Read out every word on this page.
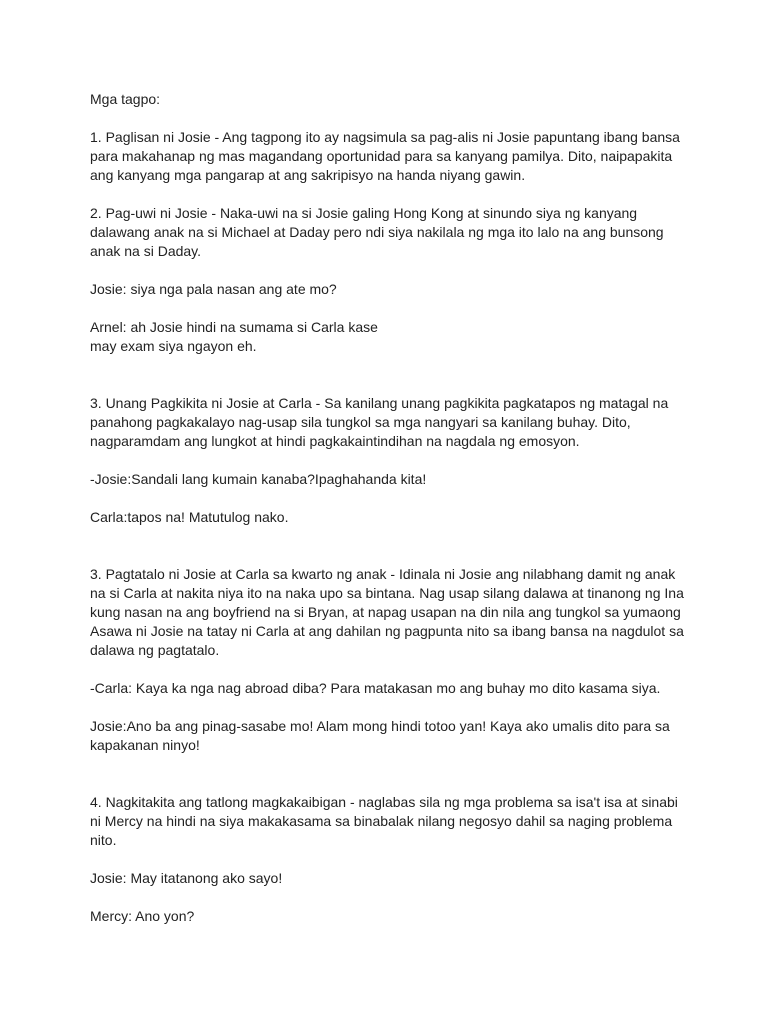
Mga tagpo:

1. Paglisan ni Josie - Ang tagpong ito ay nagsimula sa pag-alis ni Josie papuntang ibang bansa

para makahanap ng mas magandang oportunidad para sa kanyang pamilya. Dito, naipapakita

ang kanyang mga pangarap at ang sakripisyo na handa niyang gawin.

2. Pag-uwi ni Josie - Naka-uwi na si Josie galing Hong Kong at sinundo siya ng kanyang

dalawang anak na si Michael at Daday pero ndi siya nakilala ng mga ito lalo na ang bunsong

anak na si Daday.

Josie: siya nga pala nasan ang ate mo?

Arnel: ah Josie hindi na sumama si Carla kase

may exam siya ngayon eh.

3. Unang Pagkikita ni Josie at Carla - Sa kanilang unang pagkikita pagkatapos ng matagal na

panahong pagkakalayo nag-usap sila tungkol sa mga nangyari sa kanilang buhay. Dito,

nagparamdam ang lungkot at hindi pagkakaintindihan na nagdala ng emosyon.

-Josie:Sandali lang kumain kanaba?Ipaghahanda kita!

Carla:tapos na! Matutulog nako.

3. Pagtatalo ni Josie at Carla sa kwarto ng anak - Idinala ni Josie ang nilabhang damit ng anak

na si Carla at nakita niya ito na naka upo sa bintana. Nag usap silang dalawa at tinanong ng Ina

kung nasan na ang boyfriend na si Bryan, at napag usapan na din nila ang tungkol sa yumaong

Asawa ni Josie na tatay ni Carla at ang dahilan ng pagpunta nito sa ibang bansa na nagdulot sa

dalawa ng pagtatalo.

-Carla: Kaya ka nga nag abroad diba? Para matakasan mo ang buhay mo dito kasama siya.

Josie:Ano ba ang pinag-sasabe mo! Alam mong hindi totoo yan! Kaya ako umalis dito para sa

kapakanan ninyo!

4. Nagkitakita ang tatlong magkakaibigan - naglabas sila ng mga problema sa isa't isa at sinabi

ni Mercy na hindi na siya makakasama sa binabalak nilang negosyo dahil sa naging problema

nito.

Josie: May itatanong ako sayo!

Mercy: Ano yon?
